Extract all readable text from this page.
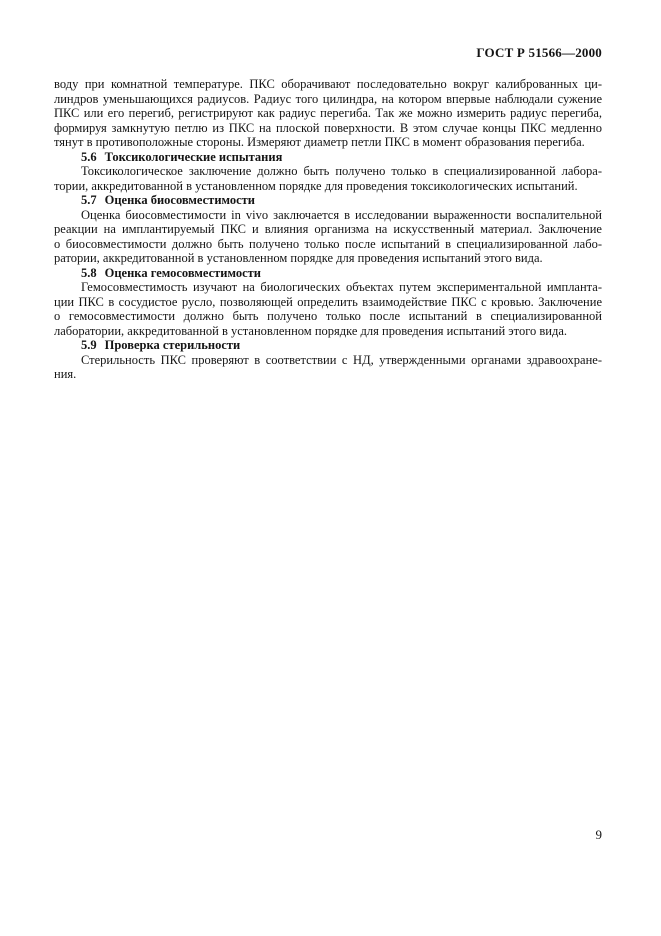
ГОСТ Р 51566—2000
воду при комнатной температуре. ПКС оборачивают последовательно вокруг калиброванных ци-
линдров уменьшающихся радиусов. Радиус того цилиндра, на котором впервые наблюдали сужение
ПКС или его перегиб, регистрируют как радиус перегиба. Так же можно измерить радиус перегиба,
формируя замкнутую петлю из ПКС на плоской поверхности. В этом случае концы ПКС медленно
тянут в противоположные стороны. Измеряют диаметр петли ПКС в момент образования перегиба.
5.6 Токсикологические испытания
Токсикологическое заключение должно быть получено только в специализированной лабора-
тории, аккредитованной в установленном порядке для проведения токсикологических испытаний.
5.7 Оценка биосовместимости
Оценка биосовместимости in vivo заключается в исследовании выраженности воспалительной
реакции на имплантируемый ПКС и влияния организма на искусственный материал. Заключение
о биосовместимости должно быть получено только после испытаний в специализированной лабо-
ратории, аккредитованной в установленном порядке для проведения испытаний этого вида.
5.8 Оценка гемосовместимости
Гемосовместимость изучают на биологических объектах путем экспериментальной импланта-
ции ПКС в сосудистое русло, позволяющей определить взаимодействие ПКС с кровью. Заключение
о гемосовместимости должно быть получено только после испытаний в специализированной
лаборатории, аккредитованной в установленном порядке для проведения испытаний этого вида.
5.9 Проверка стерильности
Стерильность ПКС проверяют в соответствии с НД, утвержденными органами здравоохране-
ния.
9
